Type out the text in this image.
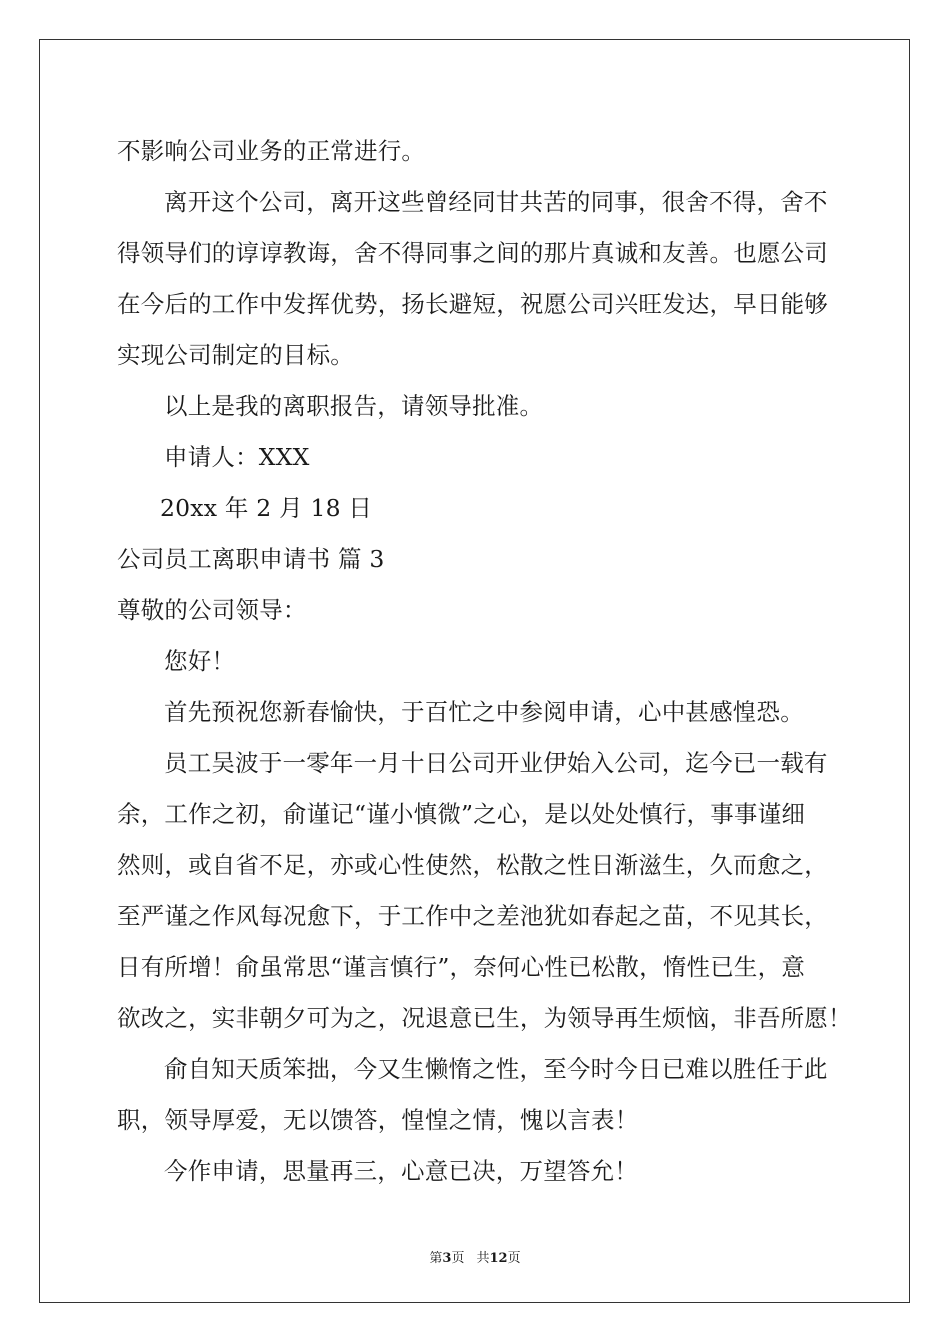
不影响公司业务的正常进行。
离开这个公司，离开这些曾经同甘共苦的同事，很舍不得，舍不
得领导们的谆谆教诲，舍不得同事之间的那片真诚和友善。也愿公司
在今后的工作中发挥优势，扬长避短，祝愿公司兴旺发达，早日能够
实现公司制定的目标。
以上是我的离职报告，请领导批准。
申请人：XXX
20xx 年 2 月 18 日
公司员工离职申请书 篇 3
尊敬的公司领导：
您好！
首先预祝您新春愉快，于百忙之中参阅申请，心中甚感惶恐。
员工吴波于一零年一月十日公司开业伊始入公司，迄今已一载有
余，工作之初，俞谨记“谨小慎微”之心，是以处处慎行，事事谨细
然则，或自省不足，亦或心性使然，松散之性日渐滋生，久而愈之，
至严谨之作风每况愈下，于工作中之差池犹如春起之苗，不见其长，
日有所增！俞虽常思“谨言慎行”，奈何心性已松散，惰性已生，意
欲改之，实非朝夕可为之，况退意已生，为领导再生烦恼，非吾所愿！
俞自知天质笨拙，今又生懒惰之性，至今时今日已难以胜任于此
职，领导厚爱，无以馈答，惶惶之情，愧以言表！
今作申请，思量再三，心意已决，万望答允！
第3页 共12页
